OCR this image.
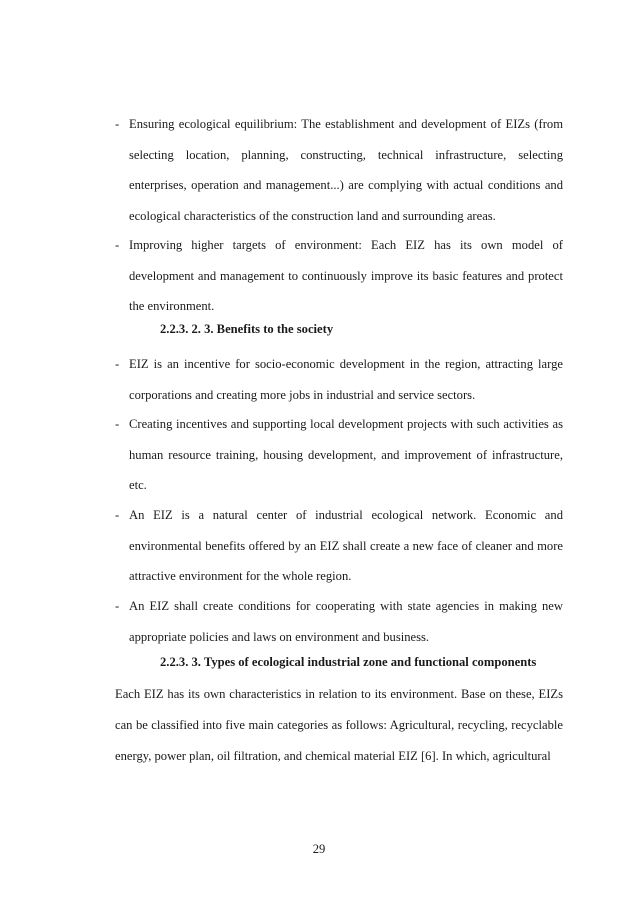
- Ensuring ecological equilibrium: The establishment and development of EIZs (from selecting location, planning, constructing, technical infrastructure, selecting enterprises, operation and management...) are complying with actual conditions and ecological characteristics of the construction land and surrounding areas.
- Improving higher targets of environment: Each EIZ has its own model of development and management to continuously improve its basic features and protect the environment.
2.2.3. 2. 3. Benefits to the society
- EIZ is an incentive for socio-economic development in the region, attracting large corporations and creating more jobs in industrial and service sectors.
- Creating incentives and supporting local development projects with such activities as human resource training, housing development, and improvement of infrastructure, etc.
- An EIZ is a natural center of industrial ecological network. Economic and environmental benefits offered by an EIZ shall create a new face of cleaner and more attractive environment for the whole region.
- An EIZ shall create conditions for cooperating with state agencies in making new appropriate policies and laws on environment and business.
2.2.3. 3. Types of ecological industrial zone and functional components
Each EIZ has its own characteristics in relation to its environment. Base on these, EIZs can be classified into five main categories as follows: Agricultural, recycling, recyclable energy, power plan, oil filtration, and chemical material EIZ [6]. In which, agricultural
29
